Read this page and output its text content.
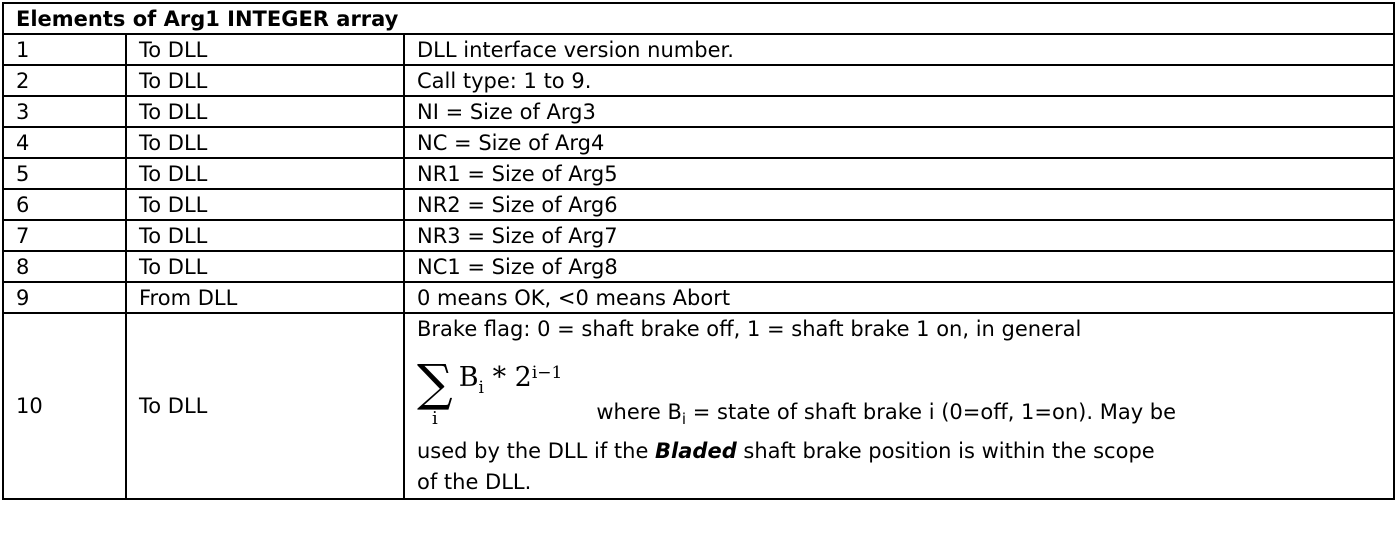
Elements of Arg1 INTEGER array		
1	To DLL	DLL interface version number.
2	To DLL	Call type: 1 to 9.
3	To DLL	NI = Size of Arg3
4	To DLL	NC = Size of Arg4
5	To DLL	NR1 = Size of Arg5
6	To DLL	NR2 = Size of Arg6
7	To DLL	NR3 = Size of Arg7
8	To DLL	NC1 = Size of Arg8
9	From DLL	0 means OK, <0 means Abort
10	To DLL	
Brake flag: 0 = shaft brake off, 1 = shaft brake 1 on, in general
∑
i
$B_i * 2^{i-1}$
where $B_i$ = state of shaft brake i (0=off, 1=on). May be
used by the DLL if the Bladed shaft brake position is within the scope
of the DLL.
